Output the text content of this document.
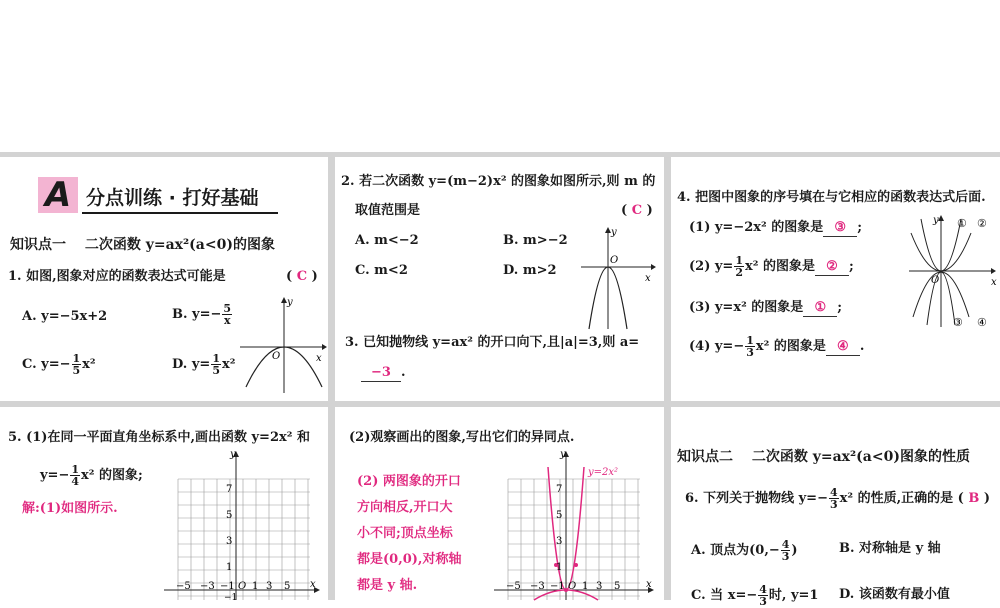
A 分点训练 · 打好基础
知识点一　 二次函数 y=ax²(a<0)的图象
1. 如图,图象对应的函数表达式可能是	( C )
A. y=−5x+2	B. $y=- \frac{5}{x}$
C. $y=- \frac{1}{5} x^2$	D. $y= \frac{1}{5} x^2$	x
y
O
2. 若二次函数 y=(m−2)x² 的图象如图所示,则 m 的
取值范围是	( C )
A. m<−2	B. m>−2
C. m<2	D. m>2
x
y
O
3. 已知抛物线 y=ax² 的开口向下,且|a|=3,则 a=
−3 .
4. 把图中图象的序号填在与它相应的函数表达式后面.
(1) y=−2x² 的图象是 ③ ;
(2) $y= \frac{1}{2} x^2$ 的图象是 ② ;
(3) y=x² 的图象是 ① ;
(4) $y=- \frac{1}{3} x^2$ 的图象是 ④ .
① ②
③ ④
x
y
O
5. (1)在同一平面直角坐标系中,画出函数 y=2x² 和
$y=- \frac{1}{4} x^2$ 的图象;
解:(1)如图所示.
y
x
7
5
3
1
−5 −3 −1 O 1 3 5
−1
(2)观察画出的图象,写出它们的异同点.
(2) 两图象的开口
方向相反,开口大
小不同;顶点坐标
都是(0,0),对称轴
都是 y 轴.
y=2x²
y
x
7
5
3
1
−5 −3 −1 O 1 3 5
知识点二　 二次函数 y=ax²(a<0)图象的性质
6. 下列关于抛物线 $y=- \frac{4}{3} x^2$ 的性质,正确的是 ( B )
A. 顶点为($0,- \frac{4}{3}$ )	B. 对称轴是 y 轴
C. 当 $x=- \frac{4}{3}$ 时, y=1 D. 该函数有最小值
